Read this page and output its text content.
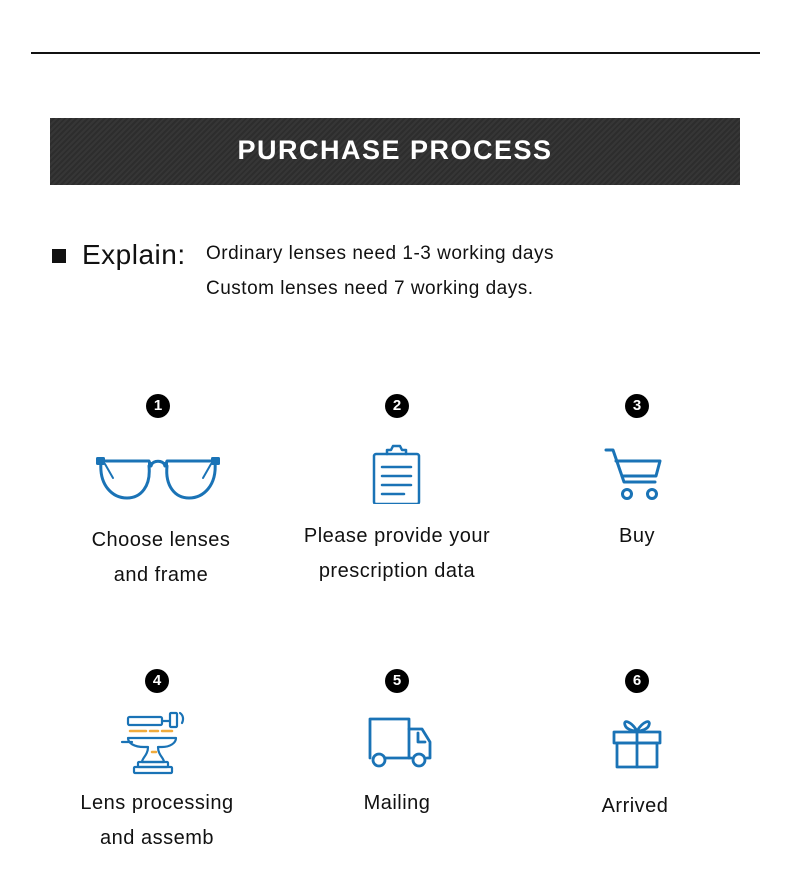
PURCHASE PROCESS
Explain: Ordinary lenses need 1-3 working days
Custom lenses need 7 working days.
1
Choose lenses
and frame
2
Please provide your
prescription data
3
Buy
4
Lens processing
and assemb
5
Mailing
6
Arrived
